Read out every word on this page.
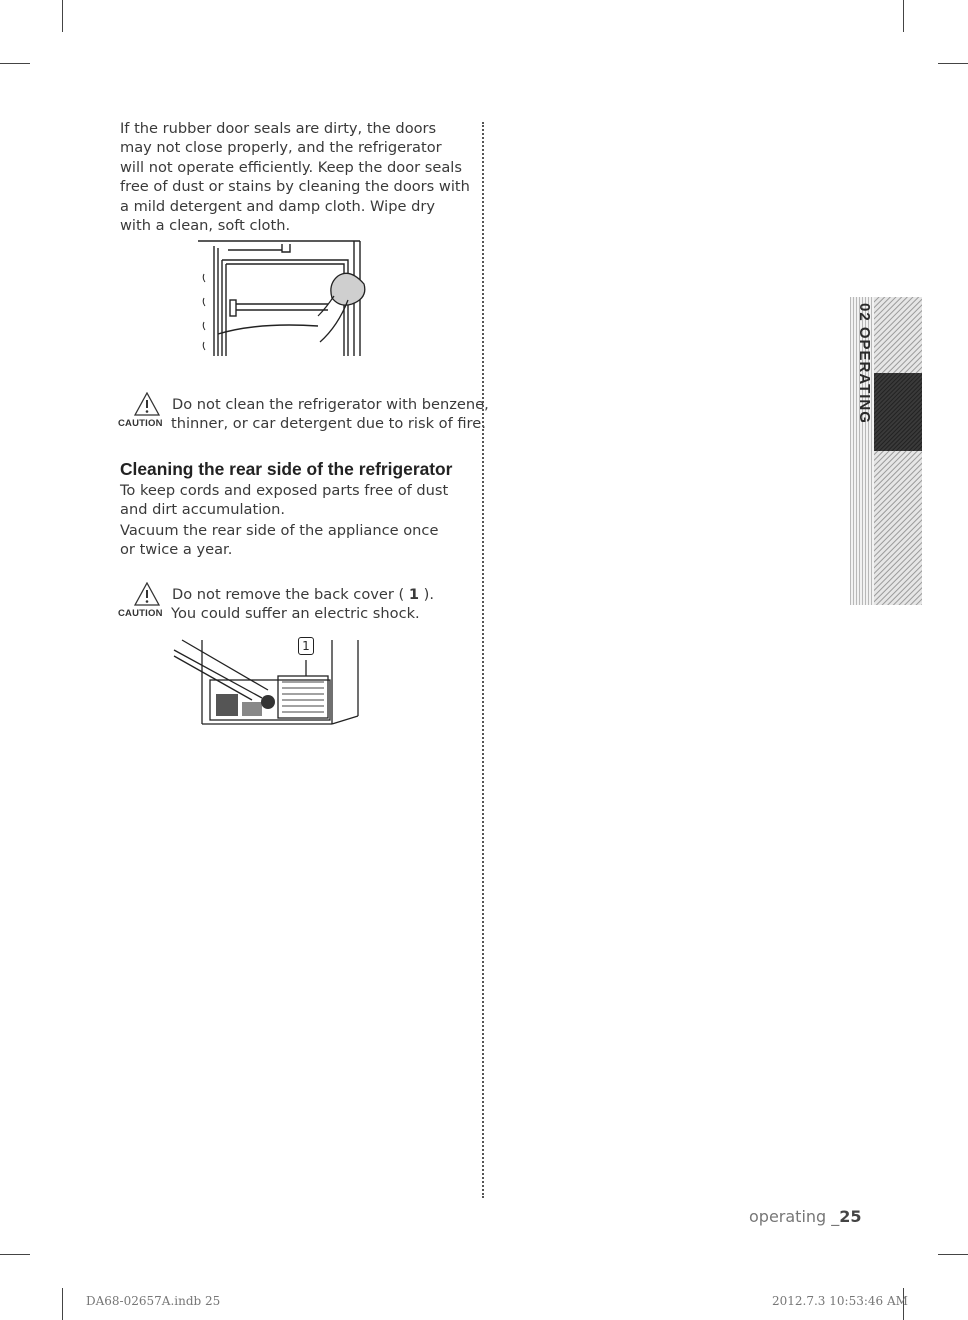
If the rubber door seals are dirty, the doors may not close properly, and the refrigerator will not operate efficiently. Keep the door seals free of dust or stains by cleaning the doors with a mild detergent and damp cloth. Wipe dry with a clean, soft cloth.

CAUTION
Do not clean the refrigerator with benzene,
thinner, or car detergent due to risk of fire.
Cleaning the rear side of the refrigerator

To keep cords and exposed parts free of dust and dirt accumulation.

Vacuum the rear side of the appliance once or twice a year.

CAUTION
Do not remove the back cover ( 1 ).
You could suffer an electric shock.
1
02 OPERATING
operating _25
DA68-02657A.indb 25	2012.7.3 10:53:46 AM
